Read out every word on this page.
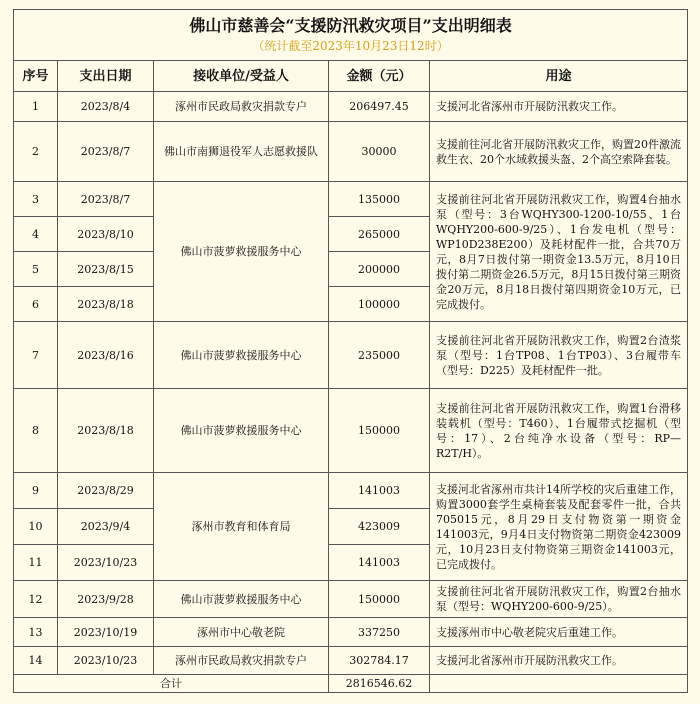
佛山市慈善会“支援防汛救灾项目”支出明细表
（统计截至2023年10月23日12时）				

序号	支出日期	接收单位/受益人	金额（元）	用途
1	2023/8/4	涿州市民政局救灾捐款专户	206497.45	支援河北省涿州市开展防汛救灾工作。
2	2023/8/7	佛山市南狮退役军人志愿救援队	30000	支援前往河北省开展防汛救灾工作，购置20件激流救生衣、20个水域救援头盔、2个高空索降套装。
3	2023/8/7	佛山市菠萝救援服务中心	135000	支援前往河北省开展防汛救灾工作，购置4台抽水泵（型号：3台WQHY300-1200-10/55、1台WQHY200-600-9/25）、1台发电机（型号：WP10D238E200）及耗材配件一批，合共70万元，8月7日拨付第一期资金13.5万元，8月10日拨付第二期资金26.5万元，8月15日拨付第三期资金20万元，8月18日拨付第四期资金10万元，已完成拨付。
4	2023/8/10		265000	
5	2023/8/15		200000	
6	2023/8/18		100000	
7	2023/8/16	佛山市菠萝救援服务中心	235000	支援前往河北省开展防汛救灾工作，购置2台渣浆泵（型号：1台TP08、1台TP03）、3台履带车（型号：D225）及耗材配件一批。
8	2023/8/18	佛山市菠萝救援服务中心	150000	支援前往河北省开展防汛救灾工作，购置1台滑移装载机（型号：T460）、1台履带式挖掘机（型号：17）、2台纯净水设备（型号：RP—R2T/H）。
9	2023/8/29	涿州市教育和体育局	141003	支援河北省涿州市共计14所学校的灾后重建工作，购置3000套学生桌椅套装及配套零件一批，合共705015元，8月29日支付物资第一期资金141003元，9月4日支付物资第二期资金423009元，10月23日支付物资第三期资金141003元，已完成拨付。
10	2023/9/4		423009	
11	2023/10/23		141003	
12	2023/9/28	佛山市菠萝救援服务中心	150000	支援前往河北省开展防汛救灾工作，购置2台抽水泵（型号：WQHY200-600-9/25）。
13	2023/10/19	涿州市中心敬老院	337250	支援涿州市中心敬老院灾后重建工作。
14	2023/10/23	涿州市民政局救灾捐款专户	302784.17	支援河北省涿州市开展防汛救灾工作。
合计			2816546.62	
